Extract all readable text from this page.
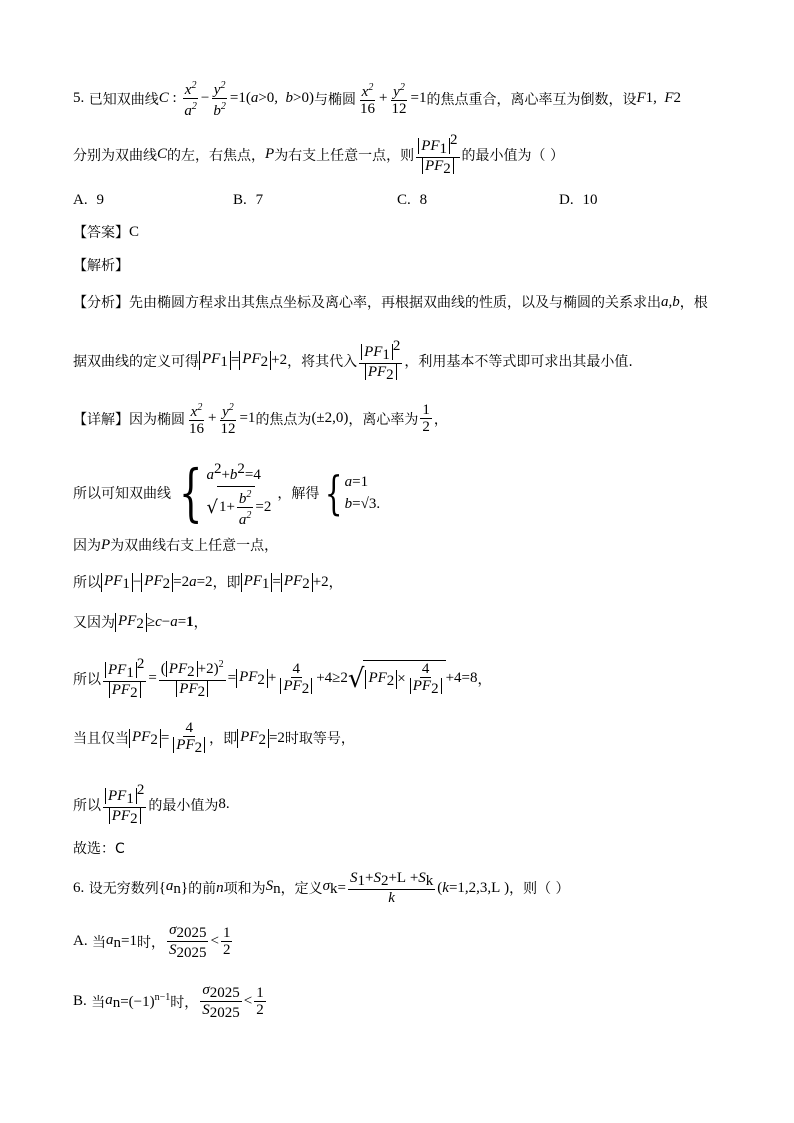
5.
已知双曲线 C : $\frac{x^2}{a^2} - \frac{y^2}{b^2} =1$( a >0, b >0) 与椭圆 $\frac{x^2}{16} + \frac{y^2}{12} =1$ 的焦点重合，离心率互为倒数，设 F 1 , F 2
分别为双曲线 C 的左，右焦点， P 为右支上任意一点，则 $\frac{PF_1^2}{PF_2}$ 的最小值为（ ）
A. 9	B. 7	C. 8	D. 10
【答案】 C
【解析】
【分析】 先由椭圆方程求出其焦点坐标及离心率，再根据双曲线的性质，以及与椭圆的关系求出 a , b ，根
据双曲线的定义可得 $PF_1 = PF_2 +2$ ，将其代入 $\frac{PF_1^2}{PF_2}$ ，利用基本不等式即可求出其最小值.
【详解】 因为椭圆 $\frac{x^2}{16} + \frac{y^2}{12} =1$ 的焦点为 (±2,0) ，离心率为 $\frac{1}{2}$ ，
所以可知双曲线 { $a^2+b^2=4$
√ $1+ \frac{b^2}{a^2} =2$
，解得 { a=1
b=√3.
因为 P 为双曲线右支上任意一点，
所以 $PF_1 - PF_2 =2$ a =2 ，即 $PF_1 = PF_2 +2$ ，
又因为 $PF_2 \ge c - a =1$ ，
所以 $\frac{PF_1^2}{PF_2} = \frac{( PF_2 +2)^2}{PF_2} = PF_2 + \frac{4}{PF_2} +4\ge 2$ √ $PF_2 \times \frac{4}{PF_2} +4=8$ ，
当且仅当 $PF_2 = \frac{4}{PF_2}$ ，即 $PF_2 =2$ 时取等号，
所以 $\frac{PF_1^2}{PF_2}$ 的最小值为 8 .
故选：C
6.
设无穷数列 { $a_n$ } 的前 n 项和为 $S_n$ ，定义 $\sigma_k = \frac{S_1+S_2+L +S_k}{k}$ ( k =1,2,3,L ) ，则（ ）
A.
当 $a_n =1$ 时， $\frac{\sigma_{2025}}{S_{2025}} < \frac{1}{2}$
B.
当 $a_n =(-1)^{n-1}$ 时， $\frac{\sigma_{2025}}{S_{2025}} < \frac{1}{2}$
